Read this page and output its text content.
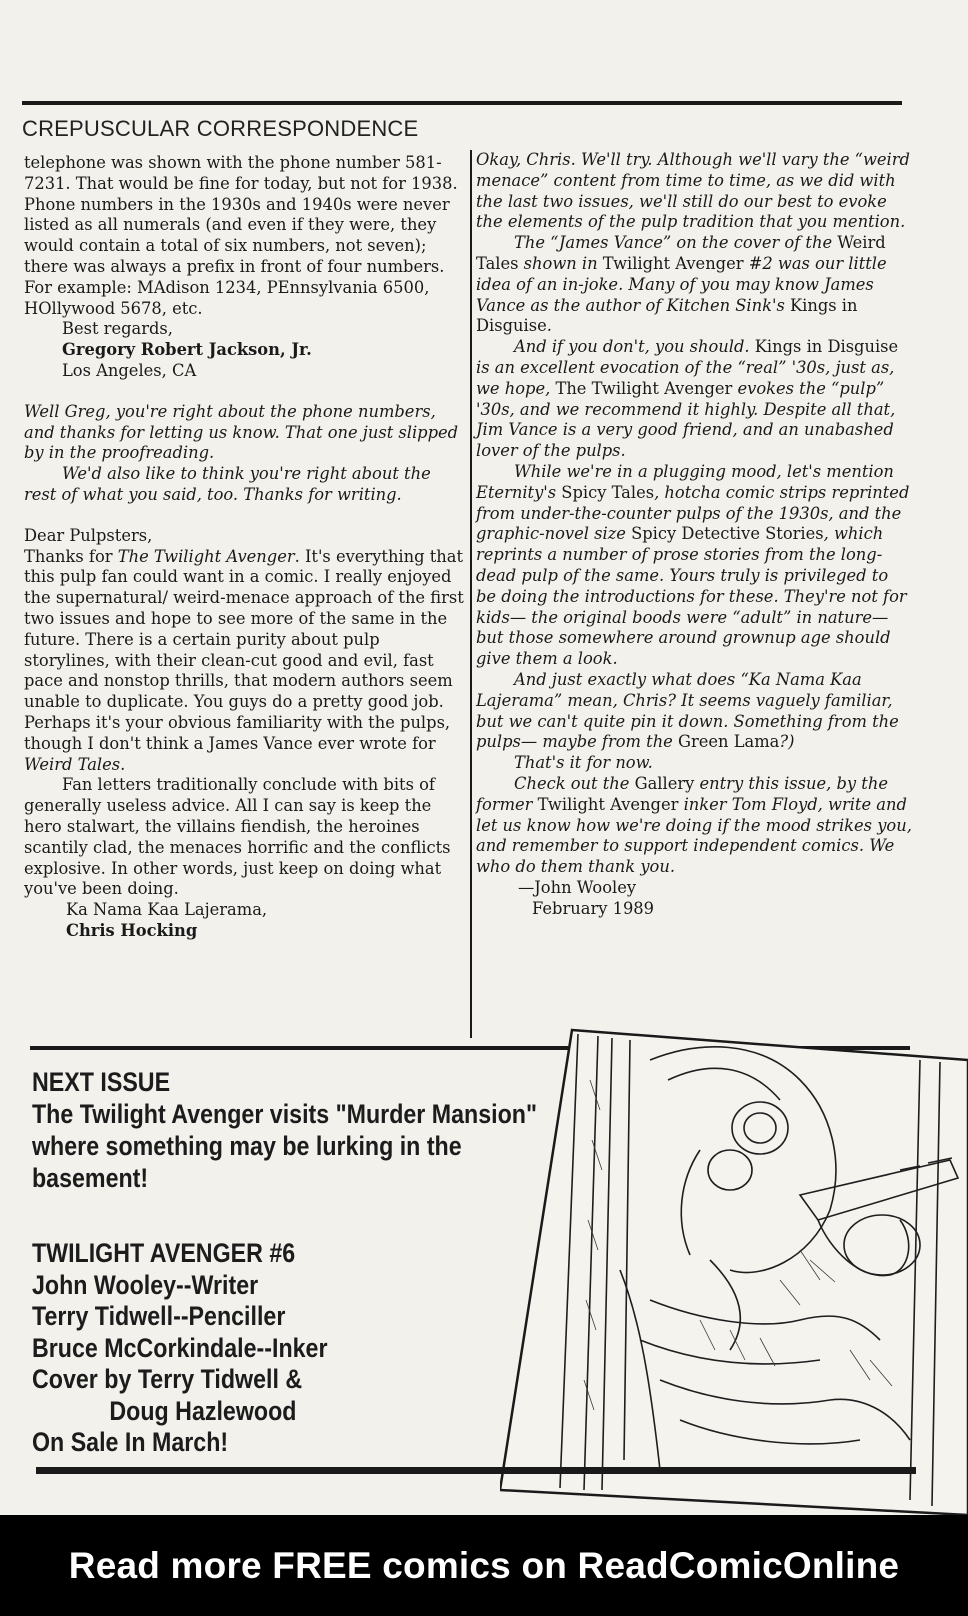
CREPUSCULAR CORRESPONDENCE

telephone was shown with the phone number 581-7231. That would be fine for today, but not for 1938. Phone numbers in the 1930s and 1940s were never listed as all numerals (and even if they were, they would contain a total of six numbers, not seven); there was always a prefix in front of four numbers. For example: MAdison 1234, PEnnsylvania 6500, HOllywood 5678, etc.

Best regards,

Gregory Robert Jackson, Jr.

Los Angeles, CA

Well Greg, you're right about the phone numbers, and thanks for letting us know. That one just slipped by in the proofreading.

We'd also like to think you're right about the rest of what you said, too. Thanks for writing.

Dear Pulpsters,

Thanks for The Twilight Avenger. It's everything that this pulp fan could want in a comic. I really enjoyed the supernatural/ weird-menace approach of the first two issues and hope to see more of the same in the future. There is a certain purity about pulp storylines, with their clean-cut good and evil, fast pace and nonstop thrills, that modern authors seem unable to duplicate. You guys do a pretty good job. Perhaps it's your obvious familiarity with the pulps, though I don't think a James Vance ever wrote for Weird Tales.

Fan letters traditionally conclude with bits of generally useless advice. All I can say is keep the hero stalwart, the villains fiendish, the heroines scantily clad, the menaces horrific and the conflicts explosive. In other words, just keep on doing what you've been doing.

Ka Nama Kaa Lajerama,

Chris Hocking

Okay, Chris. We'll try. Although we'll vary the “weird menace” content from time to time, as we did with the last two issues, we'll still do our best to evoke the elements of the pulp tradition that you mention.

The “James Vance” on the cover of the Weird Tales shown in Twilight Avenger #2 was our little idea of an in-joke. Many of you may know James Vance as the author of Kitchen Sink's Kings in Disguise.

And if you don't, you should. Kings in Disguise is an excellent evocation of the “real” '30s, just as, we hope, The Twilight Avenger evokes the “pulp” '30s, and we recommend it highly. Despite all that, Jim Vance is a very good friend, and an unabashed lover of the pulps.

While we're in a plugging mood, let's mention Eternity's Spicy Tales, hotcha comic strips reprinted from under-the-counter pulps of the 1930s, and the graphic-novel size Spicy Detective Stories, which reprints a number of prose stories from the long-dead pulp of the same. Yours truly is privileged to be doing the introductions for these. They're not for kids— the original boods were “adult” in nature— but those somewhere around grownup age should give them a look.

And just exactly what does “Ka Nama Kaa Lajerama” mean, Chris? It seems vaguely familiar, but we can't quite pin it down. Something from the pulps— maybe from the Green Lama?)

That's it for now.

Check out the Gallery entry this issue, by the former Twilight Avenger inker Tom Floyd, write and let us know how we're doing if the mood strikes you, and remember to support independent comics. We who do them thank you.

—John Wooley

February 1989

NEXT ISSUE
The Twilight Avenger visits "Murder Mansion" where something may be lurking in the basement!
TWILIGHT AVENGER #6
John Wooley--Writer
Terry Tidwell--Penciller
Bruce McCorkindale--Inker
Cover by Terry Tidwell &
Doug Hazlewood
On Sale In March!
Read more FREE comics on ReadComicOnline
